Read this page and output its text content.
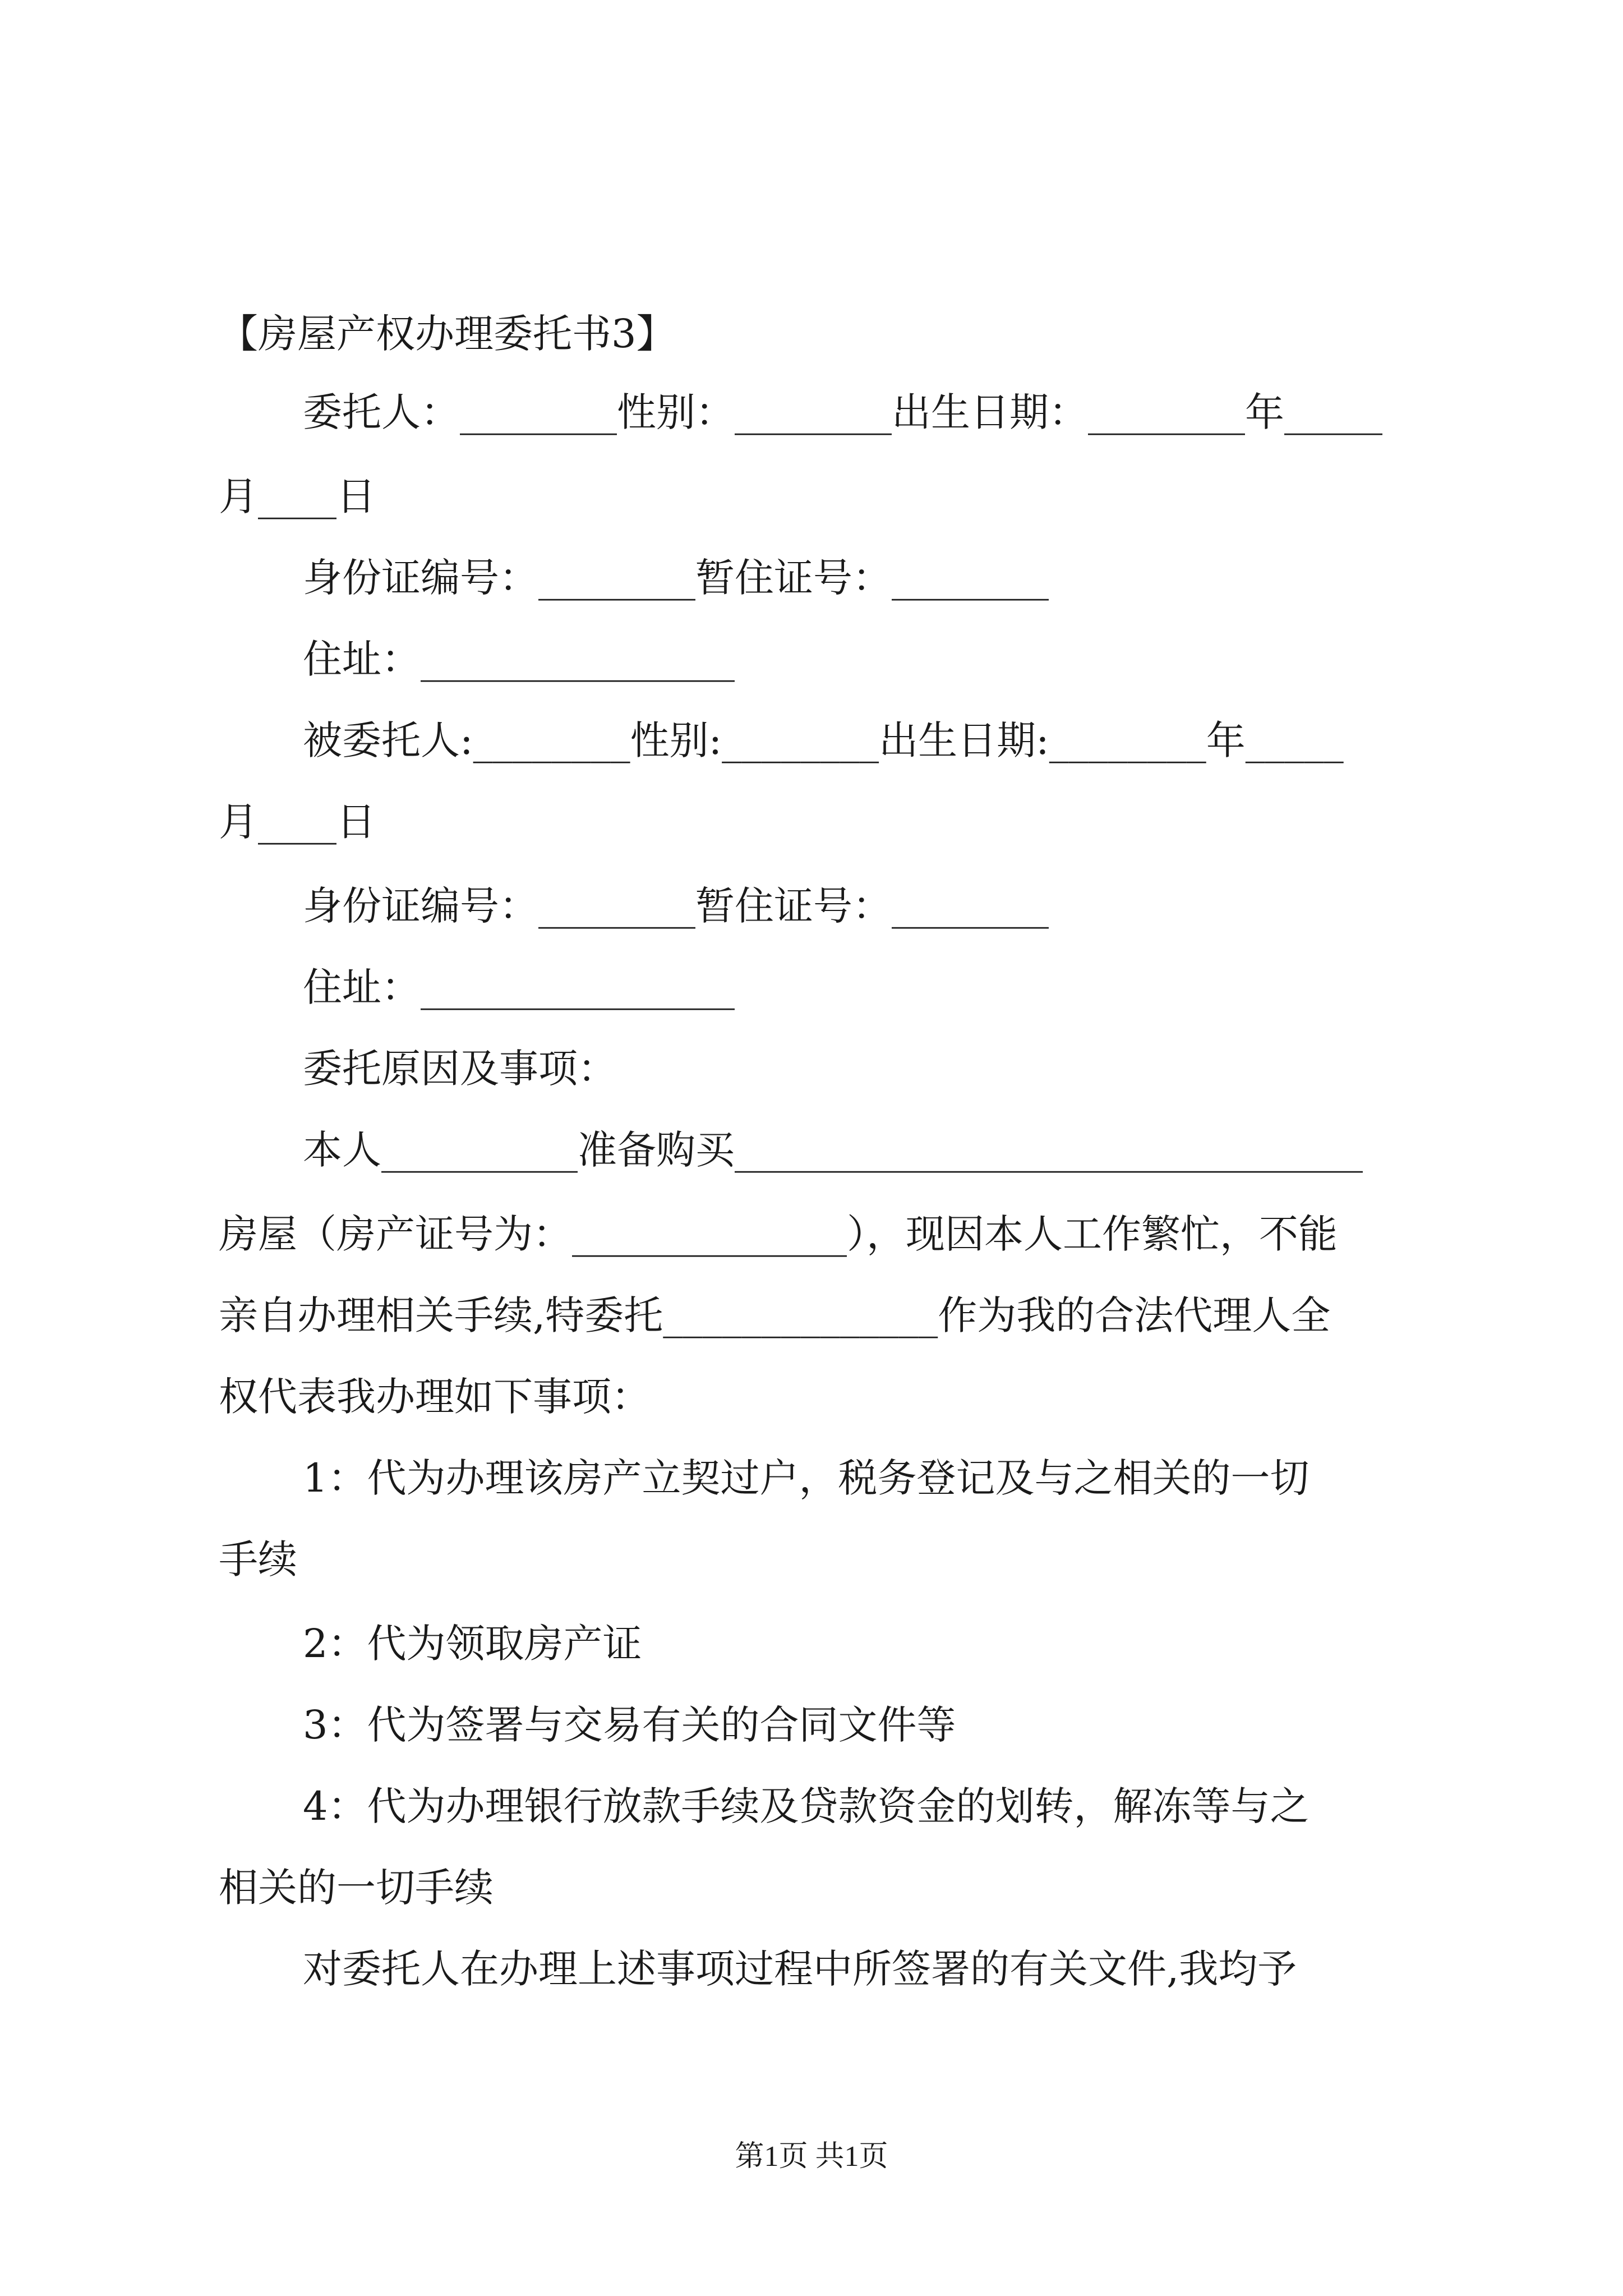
【房屋产权办理委托书3】
委托人：________性别：________出生日期：________年_____
月____日
身份证编号：________暂住证号：________
住址：________________
被委托人:________性别:________出生日期:________年_____
月____日
身份证编号：________暂住证号：________
住址：________________
委托原因及事项：
本人__________准备购买________________________________
房屋（房产证号为：______________），现因本人工作繁忙，不能
亲自办理相关手续,特委托______________作为我的合法代理人全
权代表我办理如下事项：
1：代为办理该房产立契过户，税务登记及与之相关的一切
手续
2：代为领取房产证
3：代为签署与交易有关的合同文件等
4：代为办理银行放款手续及贷款资金的划转，解冻等与之
相关的一切手续
对委托人在办理上述事项过程中所签署的有关文件,我均予
第1页 共1页
